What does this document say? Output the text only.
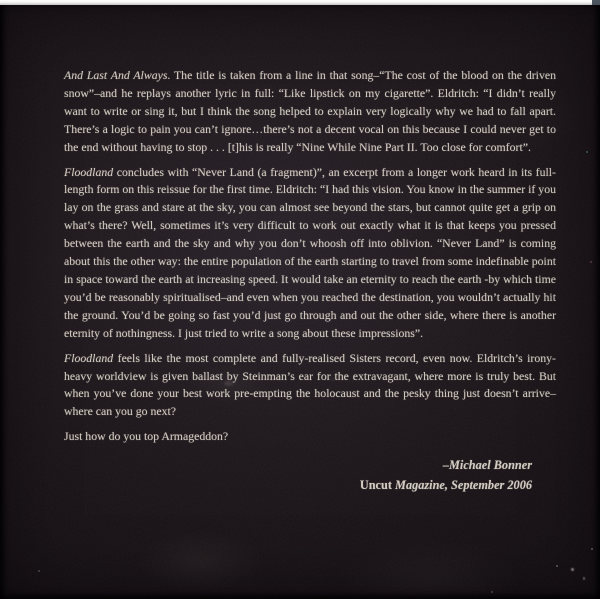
And Last And Always. The title is taken from a line in that song–“The cost of the blood on the driven snow”–and he replays another lyric in full: “Like lipstick on my cigarette”. Eldritch: “I didn’t really want to write or sing it, but I think the song helped to explain very logically why we had to fall apart. There’s a logic to pain you can’t ignore…there’s not a decent vocal on this because I could never get to the end without having to stop . . . [t]his is really “Nine While Nine Part II. Too close for comfort”.

Floodland concludes with “Never Land (a fragment)”, an excerpt from a longer work heard in its full-length form on this reissue for the first time. Eldritch: “I had this vision. You know in the summer if you lay on the grass and stare at the sky, you can almost see beyond the stars, but cannot quite get a grip on what’s there? Well, sometimes it’s very difficult to work out exactly what it is that keeps you pressed between the earth and the sky and why you don’t whoosh off into oblivion. “Never Land” is coming about this the other way: the entire population of the earth starting to travel from some indefinable point in space toward the earth at increasing speed. It would take an eternity to reach the earth -by which time you’d be reasonably spiritualised–and even when you reached the destination, you wouldn’t actually hit the ground. You’d be going so fast you’d just go through and out the other side, where there is another eternity of nothingness. I just tried to write a song about these impressions”.

Floodland feels like the most complete and fully-realised Sisters record, even now. Eldritch’s irony-heavy worldview is given ballast by Steinman’s ear for the extravagant, where more is truly best. But when you’ve done your best work pre-empting the holocaust and the pesky thing just doesn’t arrive–where can you go next?

Just how do you top Armageddon?

–Michael Bonner
Uncut Magazine, September 2006
